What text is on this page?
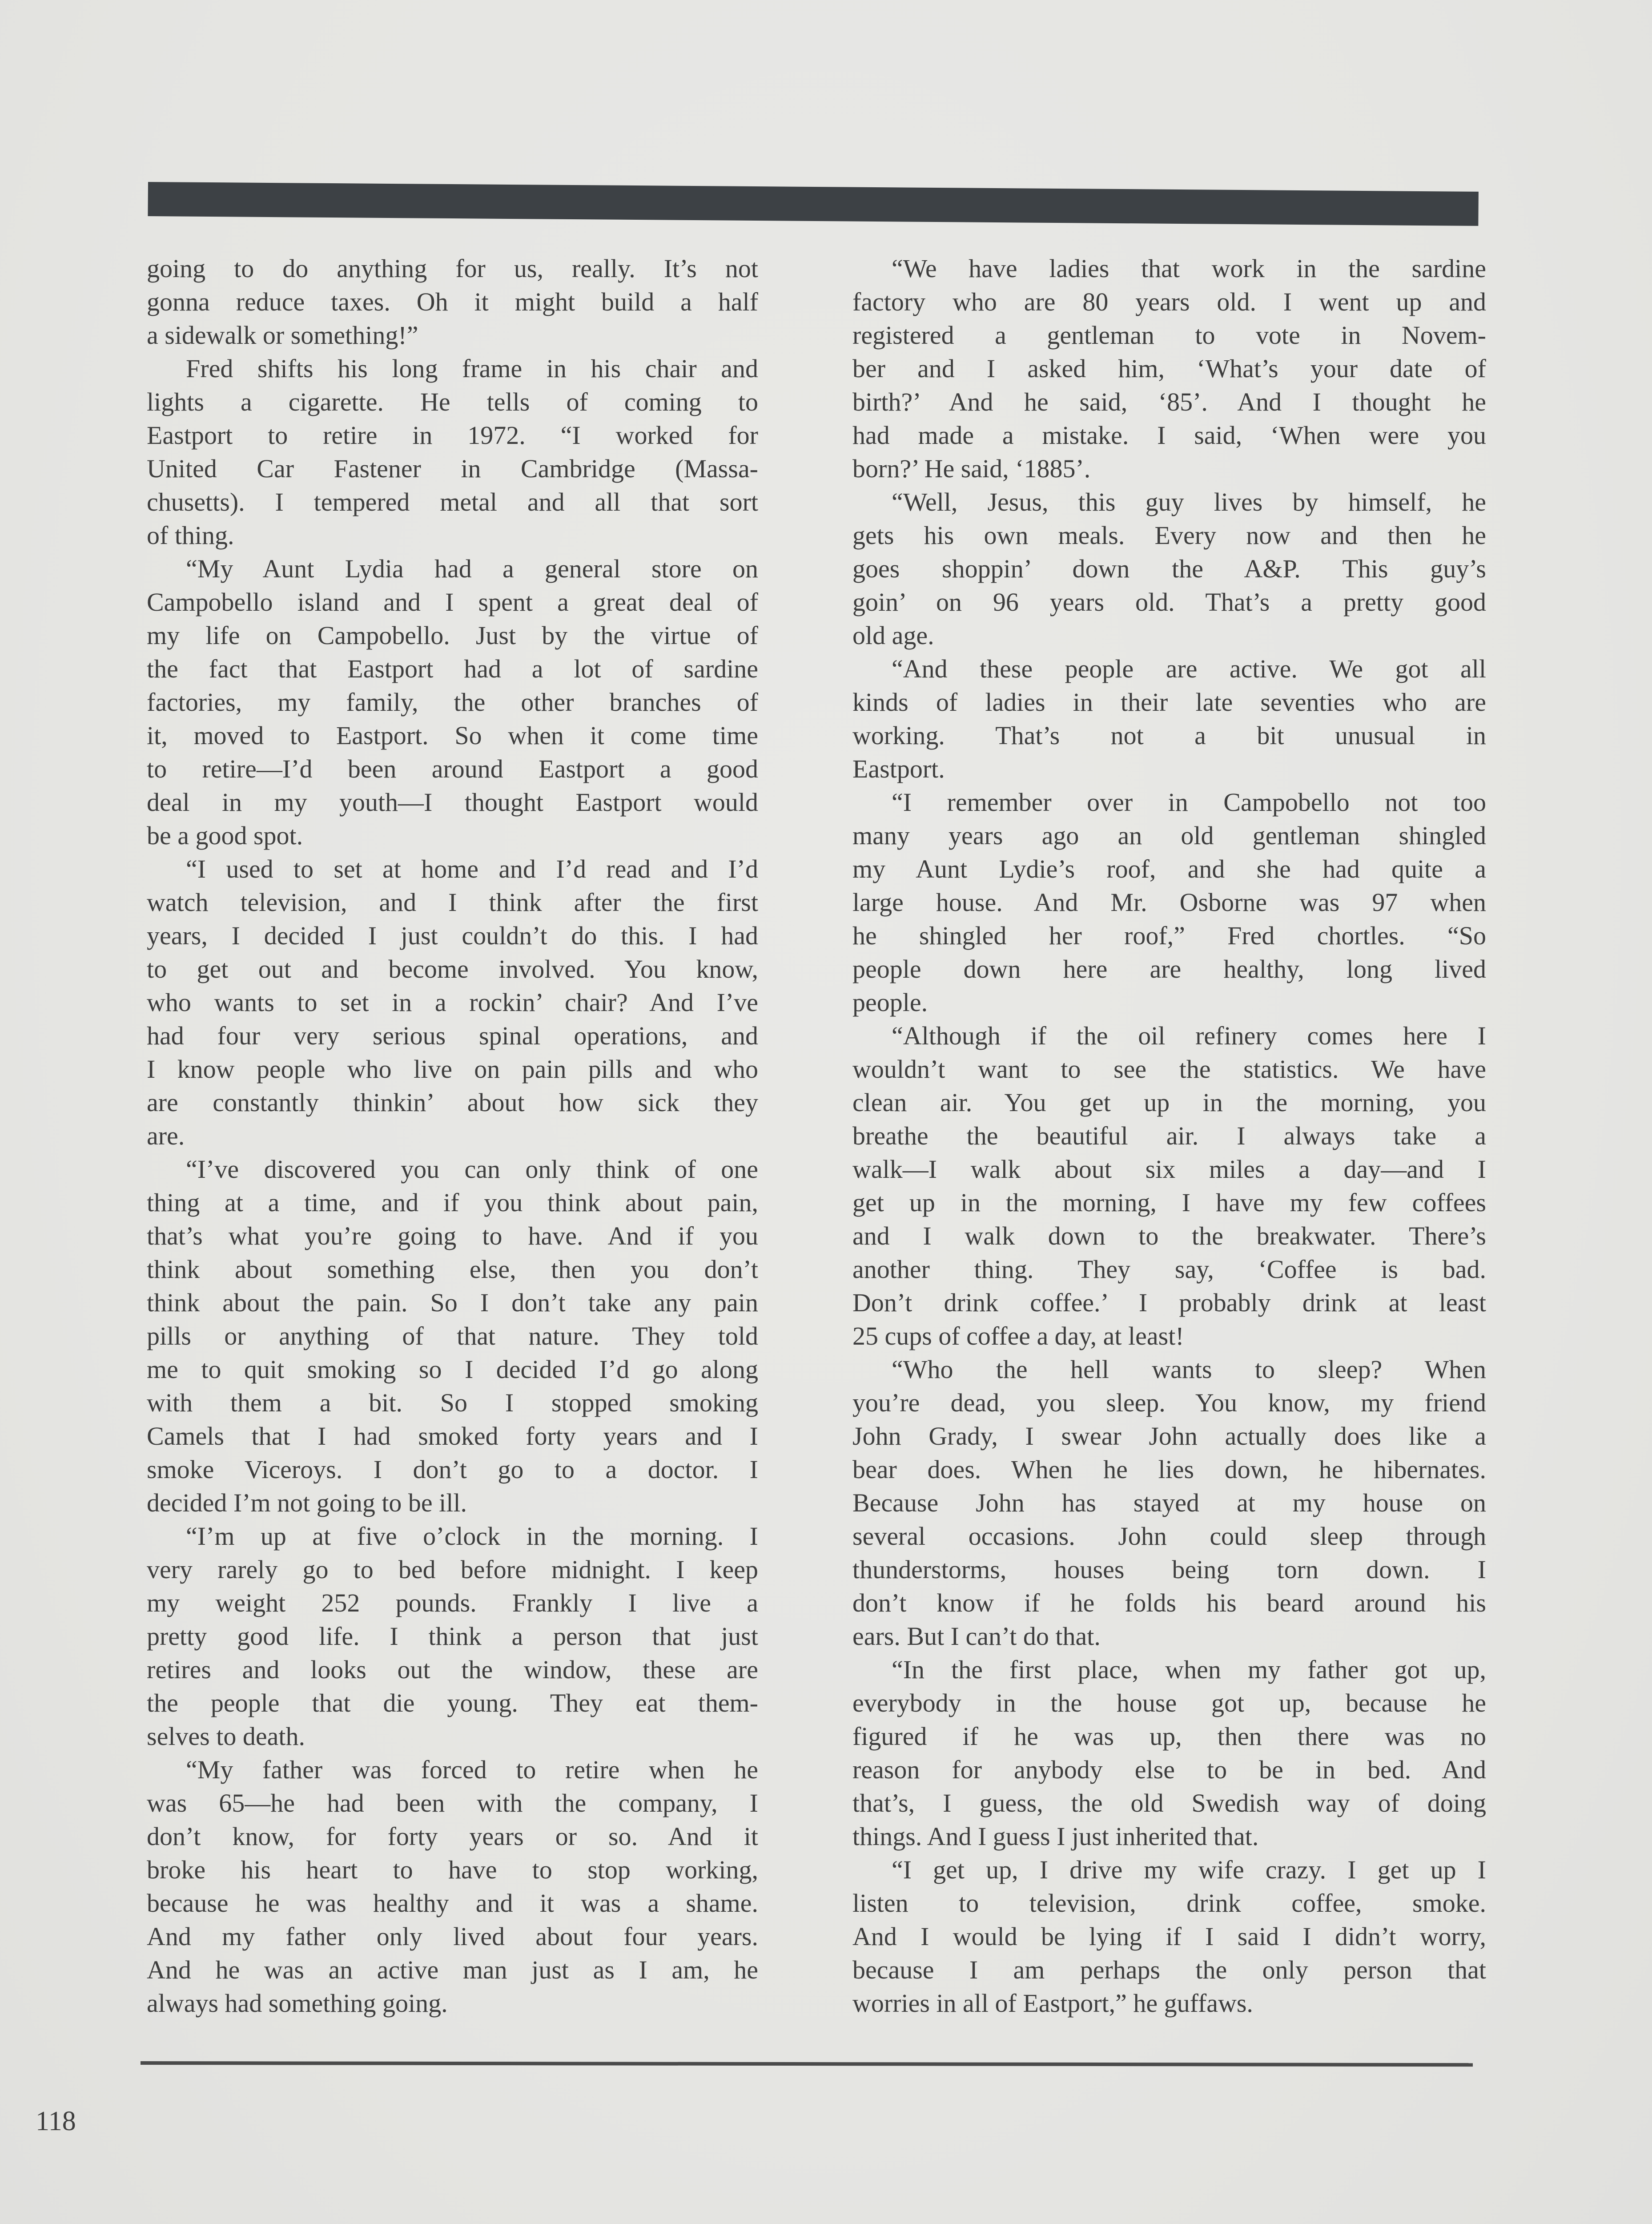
going to do anything for us, really. It’s not
gonna reduce taxes. Oh it might build a half
a sidewalk or something!”
Fred shifts his long frame in his chair and
lights a cigarette. He tells of coming to
Eastport to retire in 1972. “I worked for
United Car Fastener in Cambridge (Massa-
chusetts). I tempered metal and all that sort
of thing.
“My Aunt Lydia had a general store on
Campobello island and I spent a great deal of
my life on Campobello. Just by the virtue of
the fact that Eastport had a lot of sardine
factories, my family, the other branches of
it, moved to Eastport. So when it come time
to retire—I’d been around Eastport a good
deal in my youth—I thought Eastport would
be a good spot.
“I used to set at home and I’d read and I’d
watch television, and I think after the first
years, I decided I just couldn’t do this. I had
to get out and become involved. You know,
who wants to set in a rockin’ chair? And I’ve
had four very serious spinal operations, and
I know people who live on pain pills and who
are constantly thinkin’ about how sick they
are.
“I’ve discovered you can only think of one
thing at a time, and if you think about pain,
that’s what you’re going to have. And if you
think about something else, then you don’t
think about the pain. So I don’t take any pain
pills or anything of that nature. They told
me to quit smoking so I decided I’d go along
with them a bit. So I stopped smoking
Camels that I had smoked forty years and I
smoke Viceroys. I don’t go to a doctor. I
decided I’m not going to be ill.
“I’m up at five o’clock in the morning. I
very rarely go to bed before midnight. I keep
my weight 252 pounds. Frankly I live a
pretty good life. I think a person that just
retires and looks out the window, these are
the people that die young. They eat them-
selves to death.
“My father was forced to retire when he
was 65—he had been with the company, I
don’t know, for forty years or so. And it
broke his heart to have to stop working,
because he was healthy and it was a shame.
And my father only lived about four years.
And he was an active man just as I am, he
always had something going.
“We have ladies that work in the sardine
factory who are 80 years old. I went up and
registered a gentleman to vote in Novem-
ber and I asked him, ‘What’s your date of
birth?’ And he said, ‘85’. And I thought he
had made a mistake. I said, ‘When were you
born?’ He said, ‘1885’.
“Well, Jesus, this guy lives by himself, he
gets his own meals. Every now and then he
goes shoppin’ down the A&P. This guy’s
goin’ on 96 years old. That’s a pretty good
old age.
“And these people are active. We got all
kinds of ladies in their late seventies who are
working. That’s not a bit unusual in
Eastport.
“I remember over in Campobello not too
many years ago an old gentleman shingled
my Aunt Lydie’s roof, and she had quite a
large house. And Mr. Osborne was 97 when
he shingled her roof,” Fred chortles. “So
people down here are healthy, long lived
people.
“Although if the oil refinery comes here I
wouldn’t want to see the statistics. We have
clean air. You get up in the morning, you
breathe the beautiful air. I always take a
walk—I walk about six miles a day—and I
get up in the morning, I have my few coffees
and I walk down to the breakwater. There’s
another thing. They say, ‘Coffee is bad.
Don’t drink coffee.’ I probably drink at least
25 cups of coffee a day, at least!
“Who the hell wants to sleep? When
you’re dead, you sleep. You know, my friend
John Grady, I swear John actually does like a
bear does. When he lies down, he hibernates.
Because John has stayed at my house on
several occasions. John could sleep through
thunderstorms, houses being torn down. I
don’t know if he folds his beard around his
ears. But I can’t do that.
“In the first place, when my father got up,
everybody in the house got up, because he
figured if he was up, then there was no
reason for anybody else to be in bed. And
that’s, I guess, the old Swedish way of doing
things. And I guess I just inherited that.
“I get up, I drive my wife crazy. I get up I
listen to television, drink coffee, smoke.
And I would be lying if I said I didn’t worry,
because I am perhaps the only person that
worries in all of Eastport,” he guffaws.
118
